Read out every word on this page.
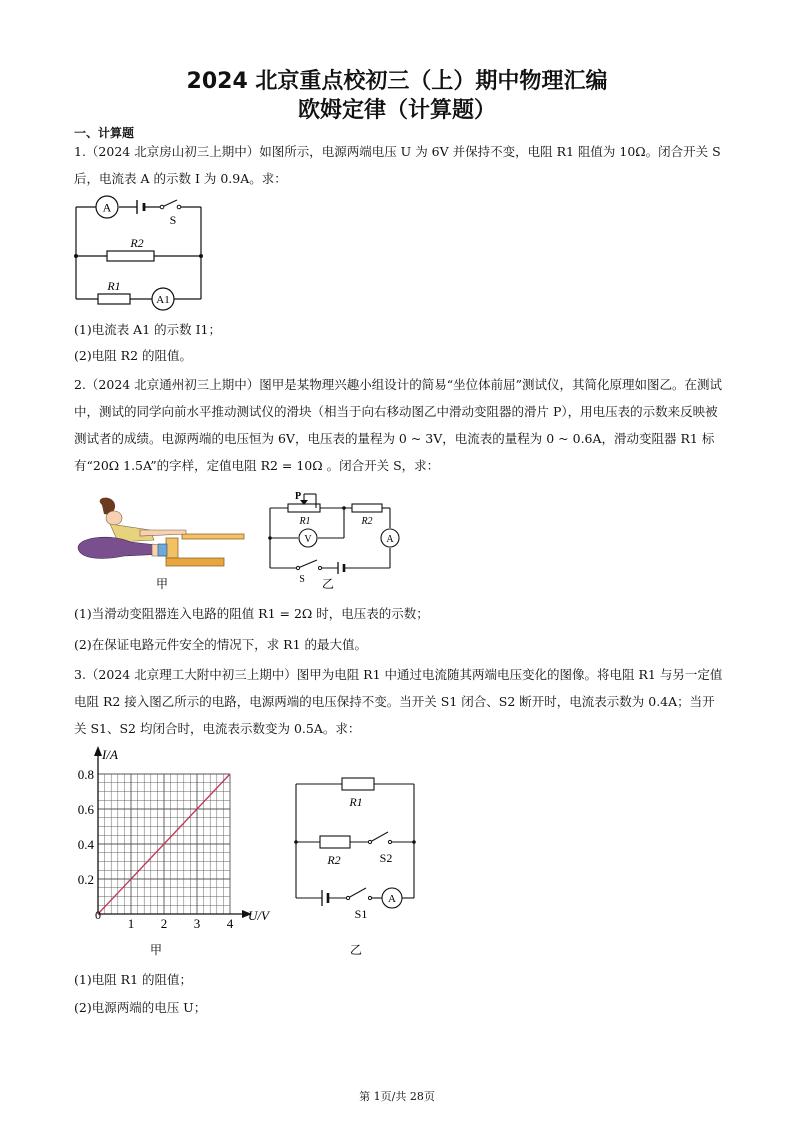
2024 北京重点校初三（上）期中物理汇编
欧姆定律（计算题）
一、计算题
1.（2024 北京房山初三上期中）如图所示，电源两端电压 U 为 6V 并保持不变，电阻 R1 阻值为 10Ω。闭合开关 S 后，电流表 A 的示数 I 为 0.9A。求：
A
S
R2
R1
A1
(1)电流表 A1 的示数 I1；
(2)电阻 R2 的阻值。
2.（2024 北京通州初三上期中）图甲是某物理兴趣小组设计的简易“坐位体前屈”测试仪，其简化原理如图乙。在测试中，测试的同学向前水平推动测试仪的滑块（相当于向右移动图乙中滑动变阻器的滑片 P），用电压表的示数来反映被测试者的成绩。电源两端的电压恒为 6V，电压表的量程为 0 ~ 3V，电流表的量程为 0 ~ 0.6A，滑动变阻器 R1 标有“20Ω 1.5A”的字样，定值电阻 R2 = 10Ω 。闭合开关 S，求：
甲
P
R1	R2
V	A
S 乙
(1)当滑动变阻器连入电路的阻值 R1 = 2Ω 时，电压表的示数；
(2)在保证电路元件安全的情况下，求 R1 的最大值。
3.（2024 北京理工大附中初三上期中）图甲为电阻 R1 中通过电流随其两端电压变化的图像。将电阻 R1 与另一定值电阻 R2 接入图乙所示的电路，电源两端的电压保持不变。当开关 S1 闭合、S2 断开时，电流表示数为 0.4A；当开关 S1、S2 均闭合时，电流表示数变为 0.5A。求：
1 2 3 4
0.2
0.4
0.6
0.8
I/A
U/V
0
甲
R1
R2	S2
S1
A
乙
(1)电阻 R1 的阻值；
(2)电源两端的电压 U；
第 1页/共 28页
